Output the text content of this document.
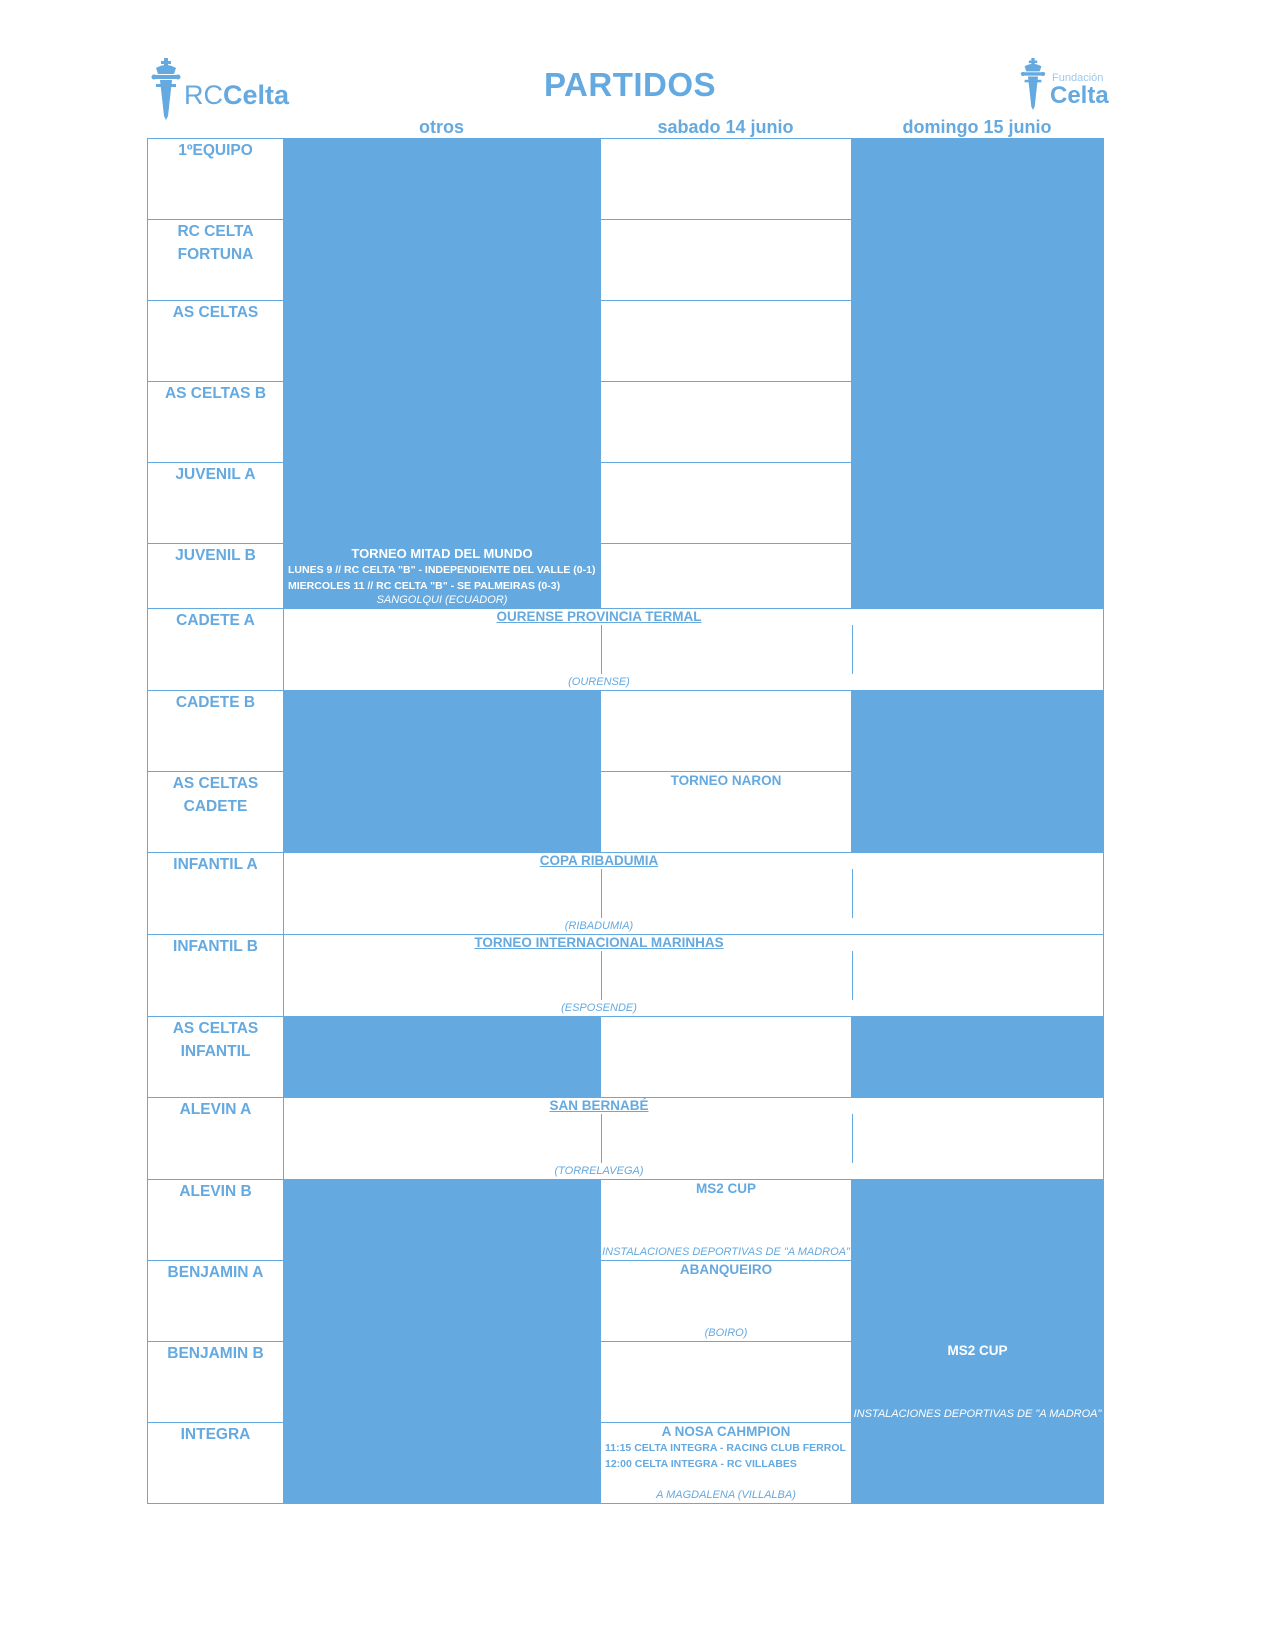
RCCelta	PARTIDOS	Fundación
Celta
otros	sabado 14 junio	domingo 15 junio
1ºEQUIPO			
RC CELTA
FORTUNA			
AS CELTAS			
AS CELTAS B			
JUVENIL A			
JUVENIL B	TORNEO MITAD DEL MUNDO
LUNES 9 // RC CELTA "B" - INDEPENDIENTE DEL VALLE (0-1)
MIERCOLES 11 // RC CELTA "B" - SE PALMEIRAS (0-3)
SANGOLQUI (ECUADOR)		

CADETE A	OURENSE PROVINCIA TERMAL
(OURENSE)		

CADETE B			
AS CELTAS
CADETE		TORNEO NARON	

INFANTIL A	COPA RIBADUMIA
(RIBADUMIA)		

INFANTIL B	TORNEO INTERNACIONAL MARINHAS
(ESPOSENDE)		

AS CELTAS
INFANTIL			
ALEVIN A	SAN BERNABÉ
(TORRELAVEGA)		

ALEVIN B		MS2 CUP
INSTALACIONES DEPORTIVAS DE "A MADROA"	

BENJAMIN A		ABANQUEIRO
(BOIRO)	

BENJAMIN B			MS2 CUP
INSTALACIONES DEPORTIVAS DE "A MADROA"

INTEGRA		A NOSA CAHMPION
11:15 CELTA INTEGRA - RACING CLUB FERROL
12:00 CELTA INTEGRA - RC VILLABES
A MAGDALENA (VILLALBA)	
